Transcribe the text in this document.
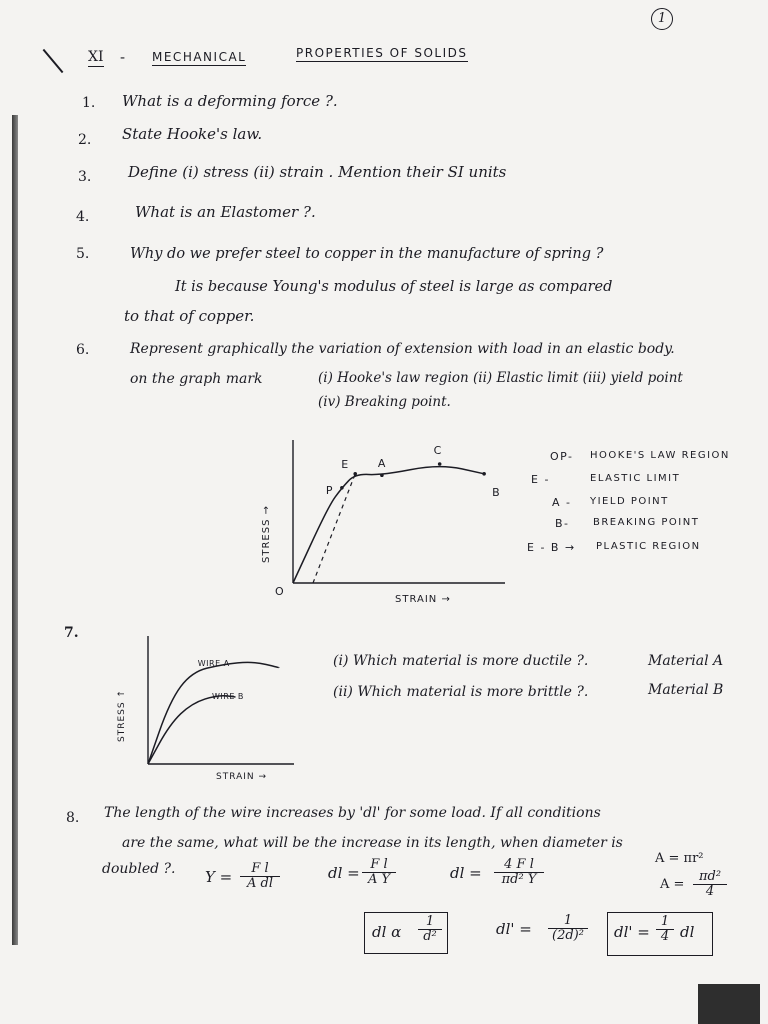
1
XI - MECHANICAL	PROPERTIES OF SOLIDS
1. What is a deforming force ?.
2. State Hooke's law.
3. Define (i) stress (ii) strain . Mention their SI units
4.	What is an Elastomer ?.
5.	Why do we prefer steel to copper in the manufacture of spring ?
It is because Young's modulus of steel is large as compared
to that of copper.
6.	Represent graphically the variation of extension with load in an elastic body.
on the graph mark	(i) Hooke's law region (ii) Elastic limit (iii) yield point
(iv) Breaking point.
P
E	A
C
B
O
STRAIN →
STRESS →
OP- HOOKE'S LAW REGION
E -	ELASTIC LIMIT
A - YIELD POINT
B- BREAKING POINT
E - B → PLASTIC REGION
7.
WIRE A
WIRE B
STRAIN →
STRESS ↑
(i) Which material is more ductile ?.	Material A
(ii) Which material is more brittle ?.	Material B
8. The length of the wire increases by 'dl' for some load. If all conditions
are the same, what will be the increase in its length, when diameter is
doubled ?. $Y = \frac{\text{F l}}{\text{A dl}}$	dl = $\frac{\text{F l}}{\text{A Y}}$	dl = $\frac{\text{4 F l}}{\text{πd² Y}}$	A = πr²
$A = \frac{\text{πd²}}{4}$
dl α $\frac{1}{\text{d²}}$	$dl' = \frac{1}{\text{(2d)²}} dl' = \frac{1}{4}$ dl
